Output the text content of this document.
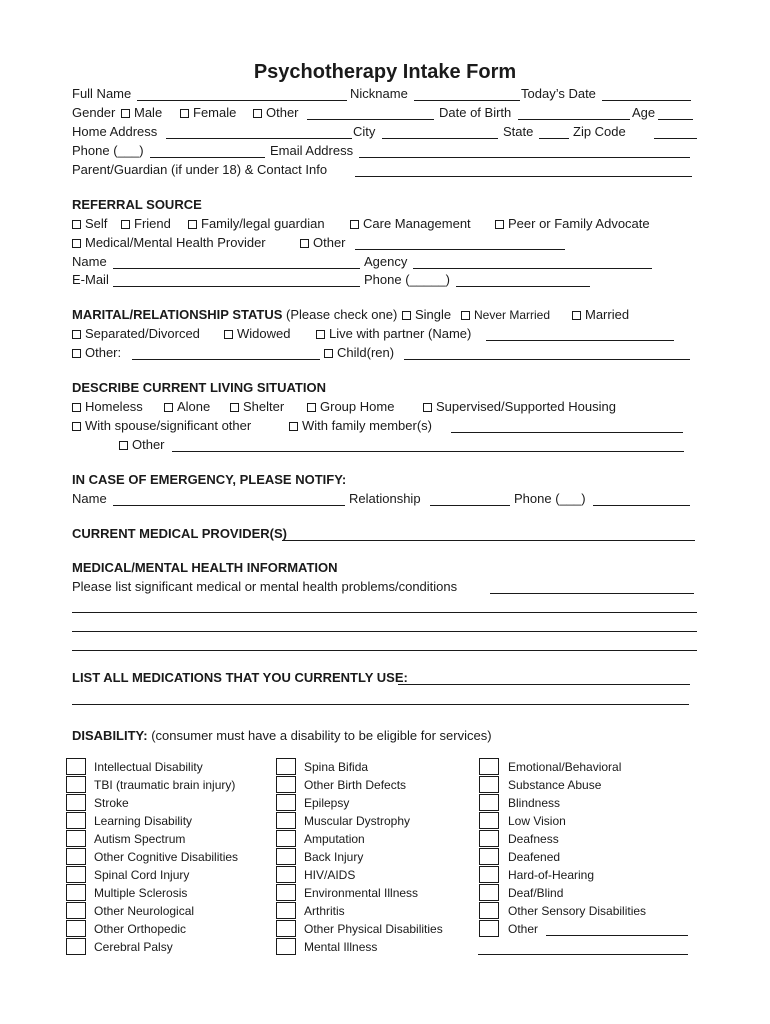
Psychotherapy Intake Form
Full Name	Nickname	Today’s Date
Gender	Male	Female	Other	Date of Birth	Age
Home Address	City	State	Zip Code
Phone (___)	Email Address
Parent/Guardian (if under 18) & Contact Info
REFERRAL SOURCE
Self	Friend	Family/legal guardian	Care Management	Peer or Family Advocate
Medical/Mental Health Provider	Other
Name	Agency
E-Mail	Phone (_____)
MARITAL/RELATIONSHIP STATUS (Please check one)	Single	Never Married	Married
Separated/Divorced	Widowed	Live with partner (Name)
Other:	Child(ren)
DESCRIBE CURRENT LIVING SITUATION
Homeless	Alone	Shelter	Group Home	Supervised/Supported Housing
With spouse/significant other	With family member(s)
Other
IN CASE OF EMERGENCY, PLEASE NOTIFY:
Name	Relationship	Phone (___)
CURRENT MEDICAL PROVIDER(S)
MEDICAL/MENTAL HEALTH INFORMATION
Please list significant medical or mental health problems/conditions
LIST ALL MEDICATIONS THAT YOU CURRENTLY USE:
DISABILITY: (consumer must have a disability to be eligible for services)
Intellectual Disability
TBI (traumatic brain injury)
Stroke
Learning Disability
Autism Spectrum
Other Cognitive Disabilities
Spinal Cord Injury
Multiple Sclerosis
Other Neurological
Other Orthopedic
Cerebral Palsy
Spina Bifida
Other Birth Defects
Epilepsy
Muscular Dystrophy
Amputation
Back Injury
HIV/AIDS
Environmental Illness
Arthritis
Other Physical Disabilities
Mental Illness
Emotional/Behavioral
Substance Abuse
Blindness
Low Vision
Deafness
Deafened
Hard-of-Hearing
Deaf/Blind
Other Sensory Disabilities
Other
